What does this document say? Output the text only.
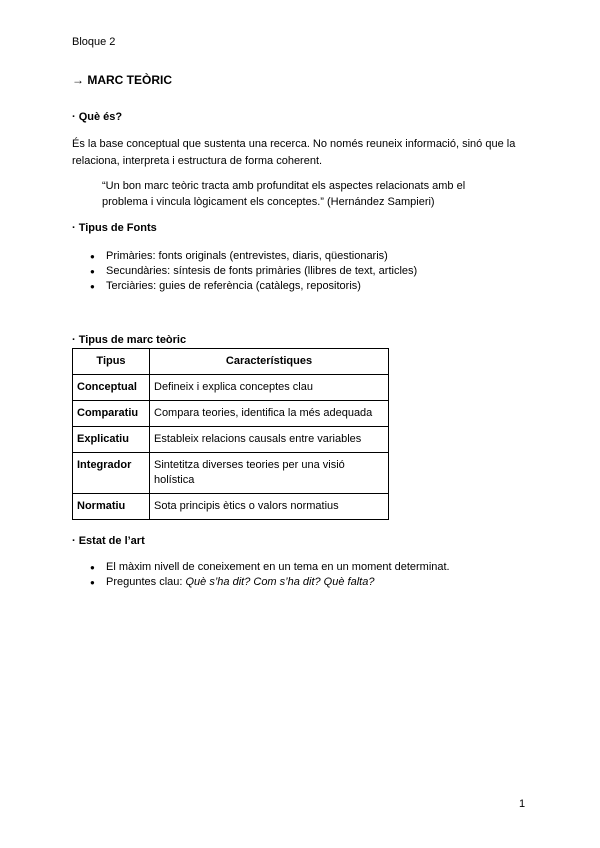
Bloque 2
→ MARC TEÒRIC
· Què és?
És la base conceptual que sustenta una recerca. No només reuneix informació, sinó que la relaciona, interpreta i estructura de forma coherent.
“Un bon marc teòric tracta amb profunditat els aspectes relacionats amb el problema i vincula lògicament els conceptes.” (Hernández Sampieri)
· Tipus de Fonts
● Primàries: fonts originals (entrevistes, diaris, qüestionaris)
● Secundàries: síntesis de fonts primàries (llibres de text, articles)
● Terciàries: guies de referència (catàlegs, repositoris)
· Tipus de marc teòric
Tipus	Característiques
Conceptual	Defineix i explica conceptes clau
Comparatiu	Compara teories, identifica la més adequada
Explicatiu	Estableix relacions causals entre variables
Integrador	Sintetitza diverses teories per una visió holística
Normatiu	Sota principis ètics o valors normatius
· Estat de l’art
● El màxim nivell de coneixement en un tema en un moment determinat.
● Preguntes clau: Què s’ha dit? Com s’ha dit? Què falta?
1
